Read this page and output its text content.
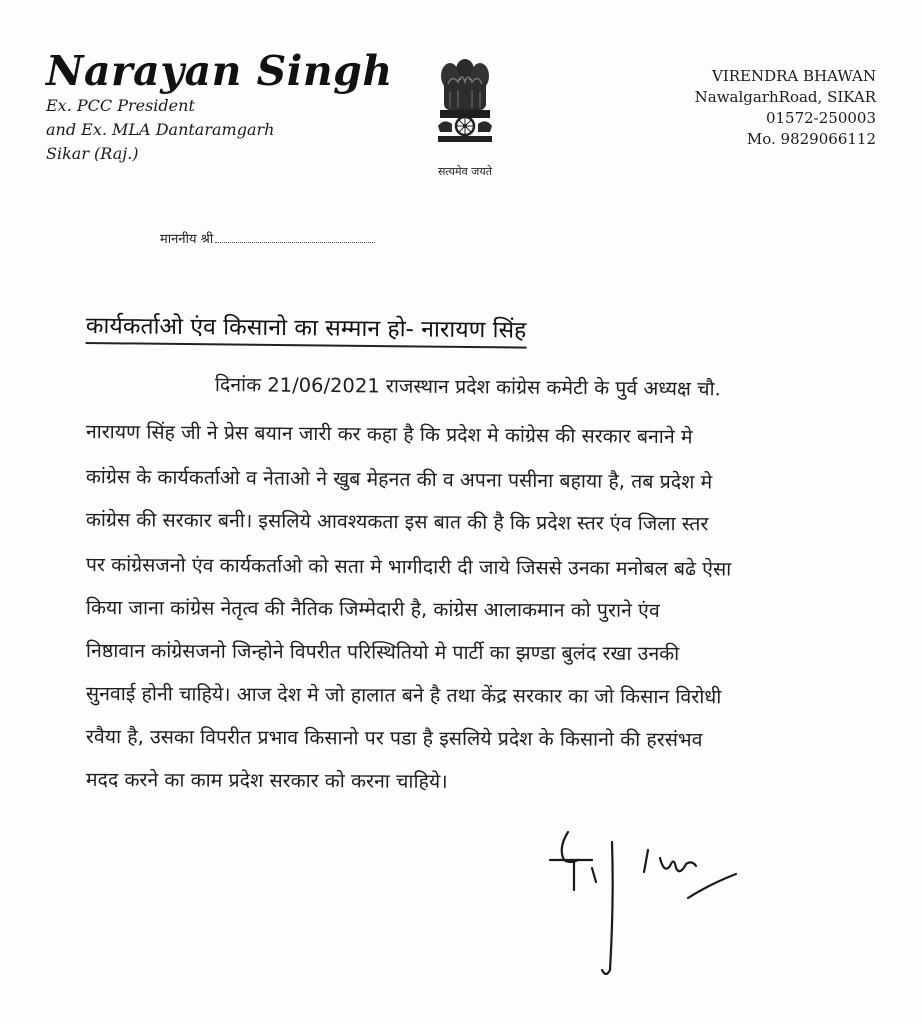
Narayan Singh
Ex. PCC President
and Ex. MLA Dantaramgarh
Sikar (Raj.)
सत्यमेव जयते
VIRENDRA BHAWAN
NawalgarhRoad, SIKAR
01572-250003
Mo. 9829066112
माननीय श्री
कार्यकर्ताओ एंव किसानो का सम्मान हो- नारायण सिंह
दिनांक 21/06/2021 राजस्थान प्रदेश कांग्रेस कमेटी के पुर्व अध्यक्ष चौ.
नारायण सिंह जी ने प्रेस बयान जारी कर कहा है कि प्रदेश मे कांग्रेस की सरकार बनाने मे
कांग्रेस के कार्यकर्ताओ व नेताओ ने खुब मेहनत की व अपना पसीना बहाया है, तब प्रदेश मे
कांग्रेस की सरकार बनी। इसलिये आवश्यकता इस बात की है कि प्रदेश स्तर एंव जिला स्तर
पर कांग्रेसजनो एंव कार्यकर्ताओ को सता मे भागीदारी दी जाये जिससे उनका मनोबल बढे ऐसा
किया जाना कांग्रेस नेतृत्व की नैतिक जिम्मेदारी है, कांग्रेस आलाकमान को पुराने एंव
निष्ठावान कांग्रेसजनो जिन्होने विपरीत परिस्थितियो मे पार्टी का झण्डा बुलंद रखा उनकी
सुनवाई होनी चाहिये। आज देश मे जो हालात बने है तथा केंद्र सरकार का जो किसान विरोधी
रवैया है, उसका विपरीत प्रभाव किसानो पर पडा है इसलिये प्रदेश के किसानो की हरसंभव
मदद करने का काम प्रदेश सरकार को करना चाहिये।
